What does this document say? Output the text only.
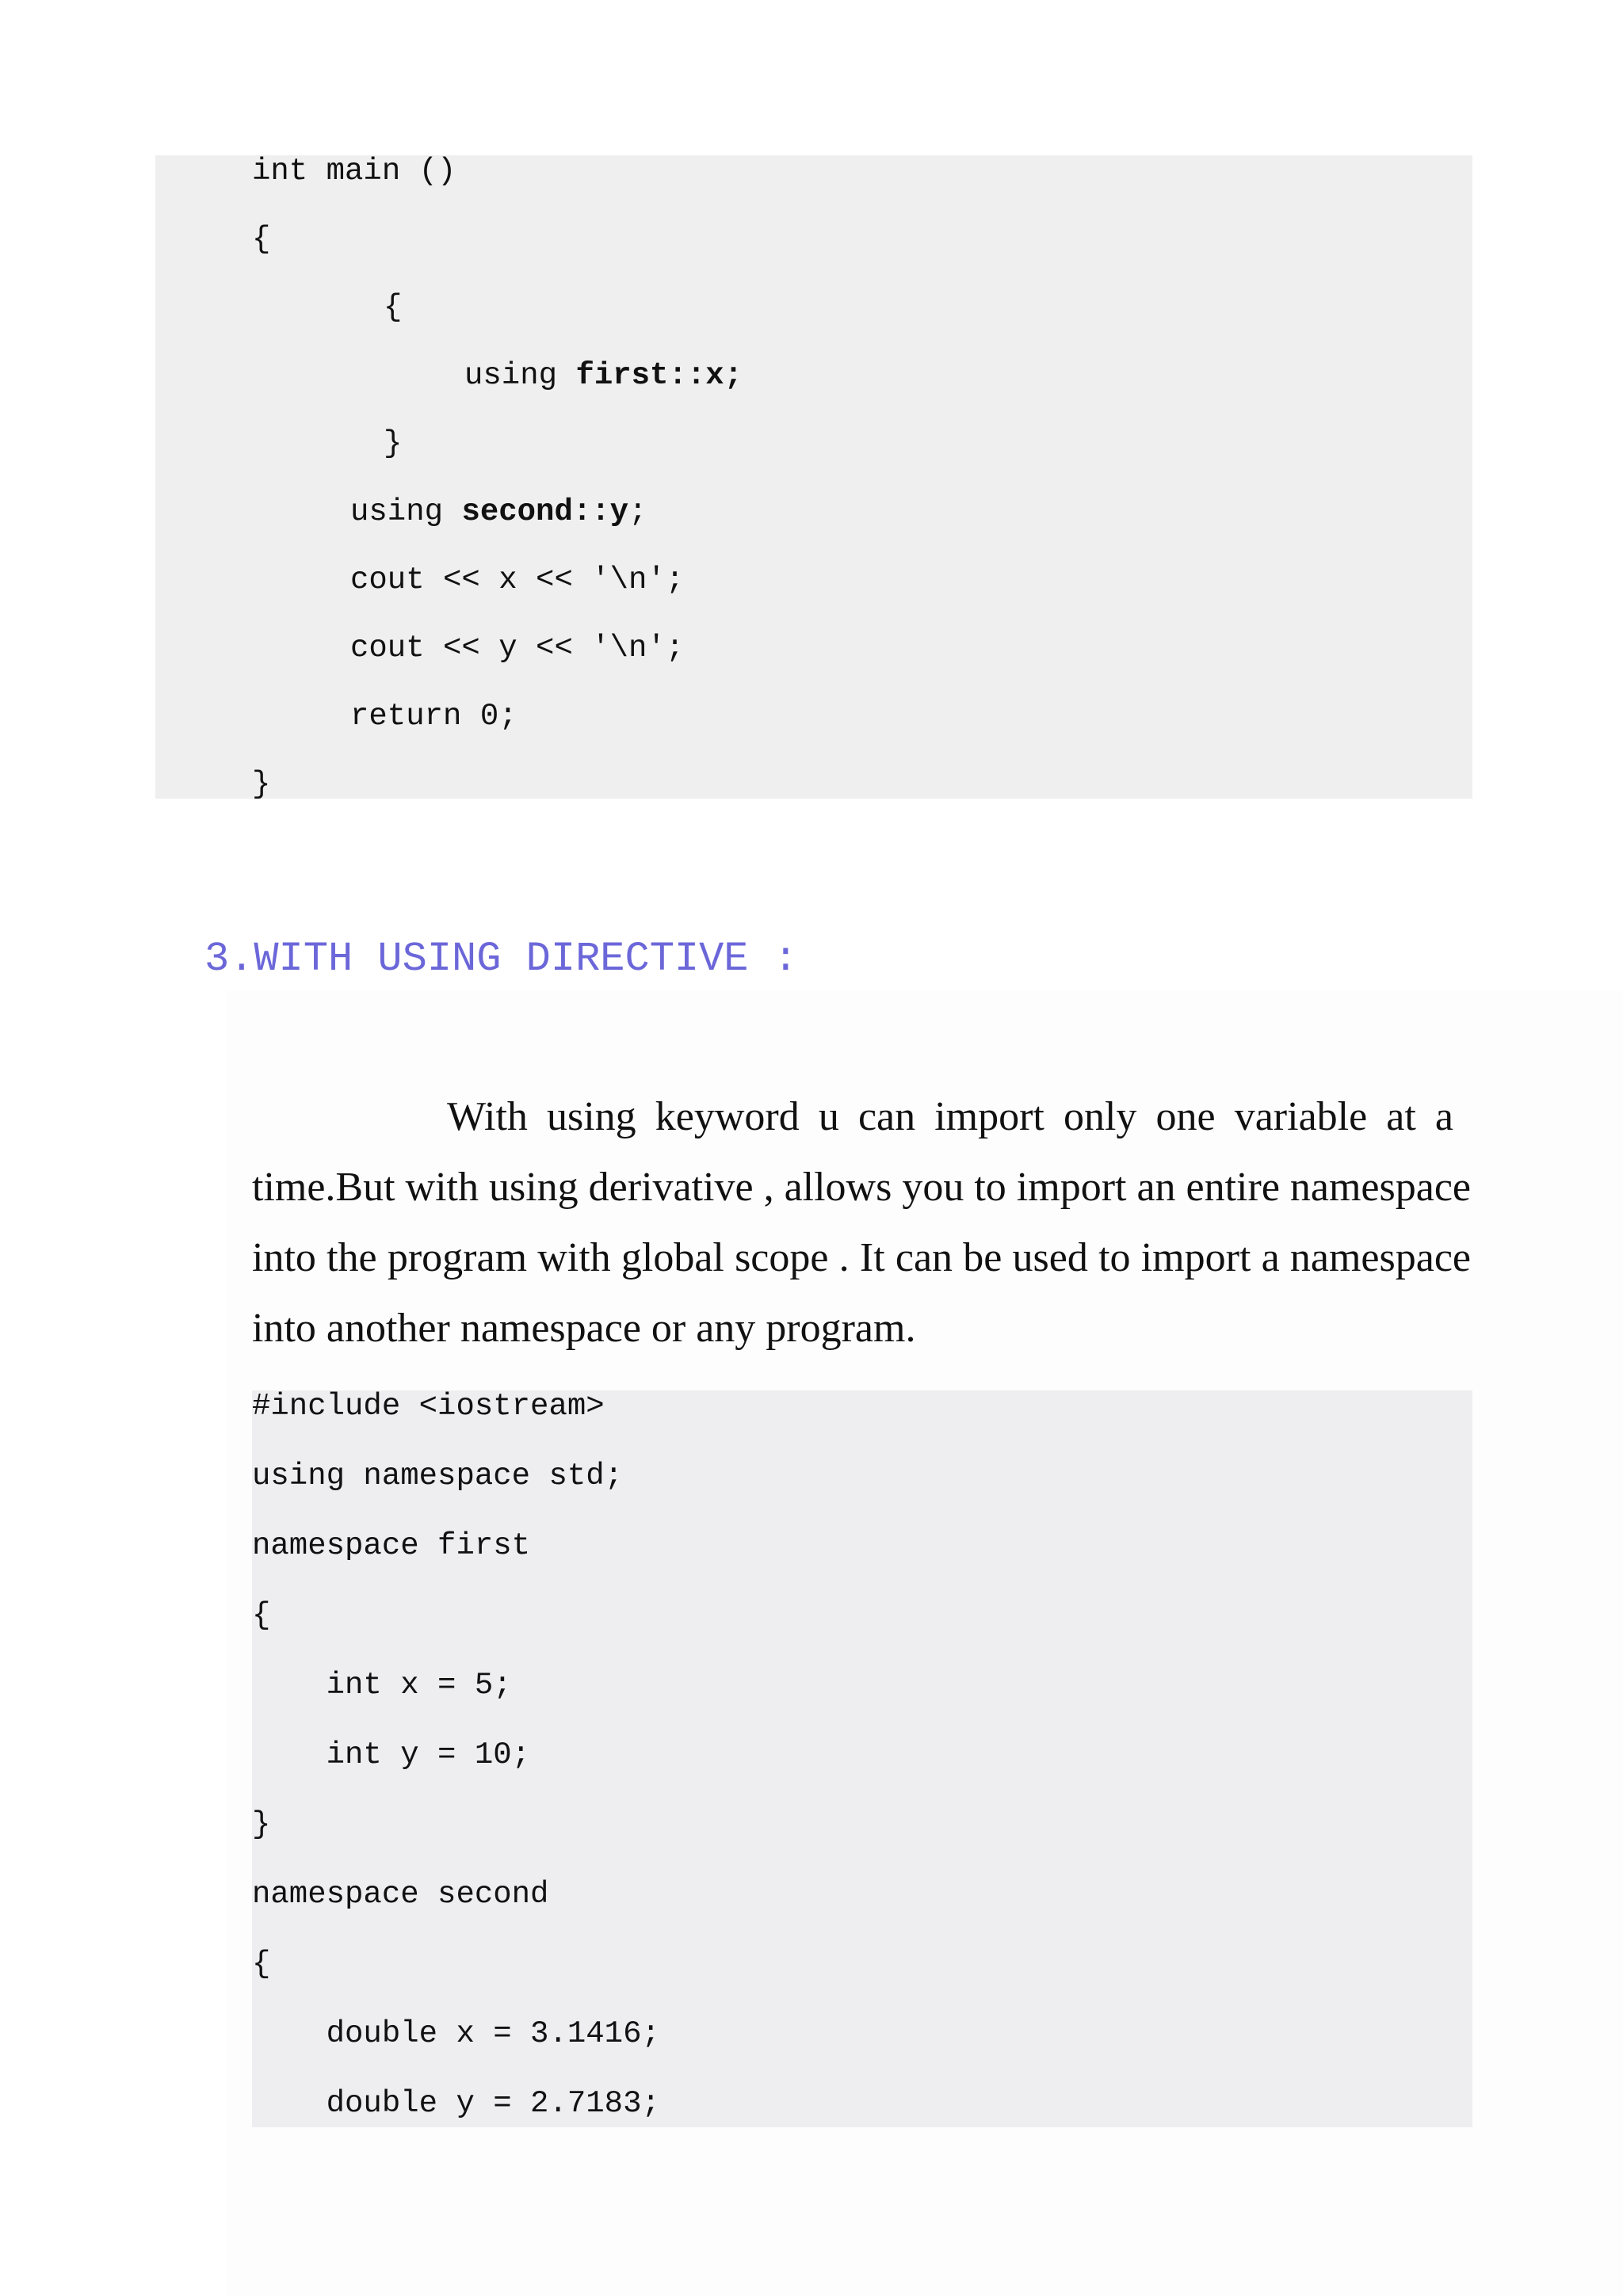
int main ()

{

{

using first::x;

}

using second::y;

cout << x << '\n';

cout << y << '\n';

return 0;

}

3.WITH USING DIRECTIVE :
With using keyword u can import only one variable at a
time.But with using derivative , allows you to import an entire namespace
into the program with global scope . It can be used to import a namespace
into another namespace or any program.

#include <iostream>

using namespace std;

namespace first

{

int x = 5;

int y = 10;

}

namespace second

{

double x = 3.1416;

double y = 2.7183;
